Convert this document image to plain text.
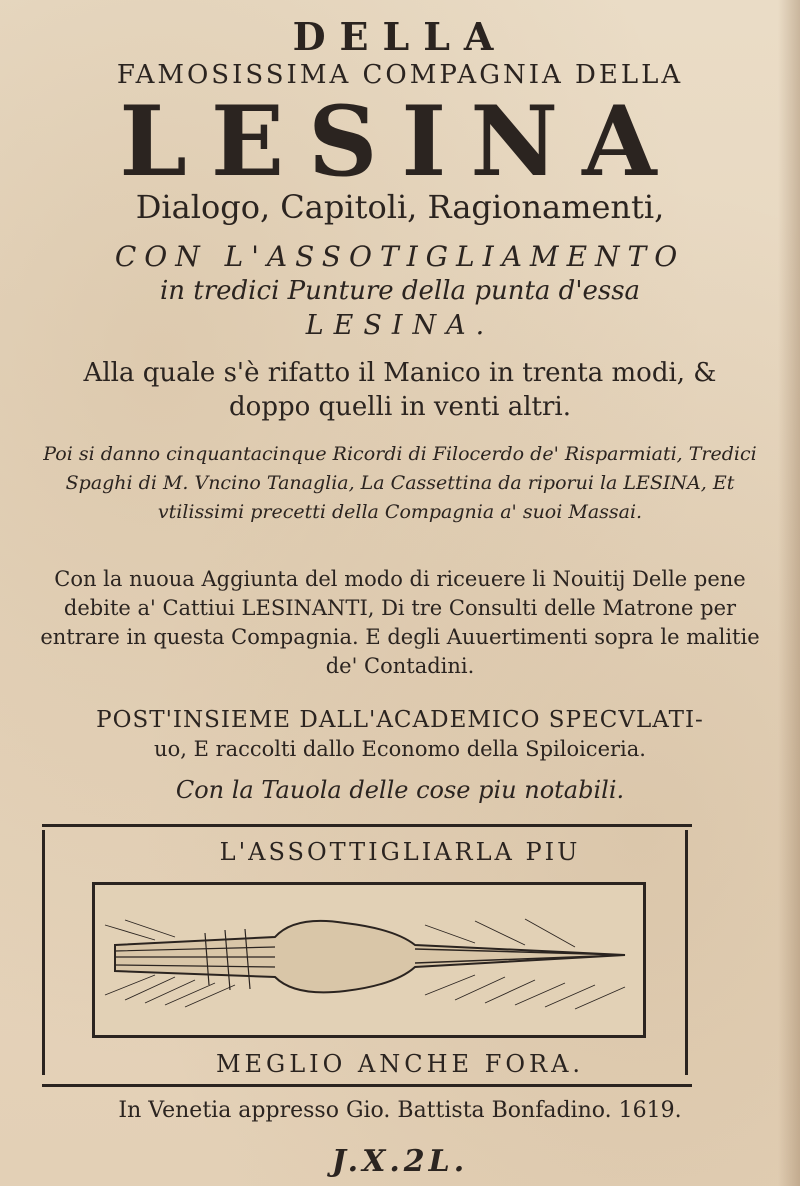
DELLA
FAMOSISSIMA COMPAGNIA DELLA
LESINA
Dialogo, Capitoli, Ragionamenti,
CON L'ASSOTIGLIAMENTO
in tredici Punture della punta d'essa
LESINA.
Alla quale s'è rifatto il Manico in trenta modi, &
doppo quelli in venti altri.
Poi si danno cinquantacinque Ricordi di Filocerdo de' Risparmiati, Tredici Spaghi di M. Vncino Tanaglia, La Cassettina da riporui la LESINA, Et vtilissimi precetti della Compagnia a' suoi Massai.
Con la nuoua Aggiunta del modo di riceuere li Nouitij Delle pene debite a' Cattiui LESINANTI, Di tre Consulti delle Matrone per entrare in questa Compagnia. E degli Auuertimenti sopra le malitie de' Contadini.
POST'INSIEME DALL'ACADEMICO SPECVLATI-
uo, E raccolti dallo Economo della Spiloiceria.
Con la Tauola delle cose piu notabili.
L'ASSOTTIGLIARLA PIU
MEGLIO ANCHE FORA.
In Venetia appresso Gio. Battista Bonfadino. 1619.
J.X.2L.
